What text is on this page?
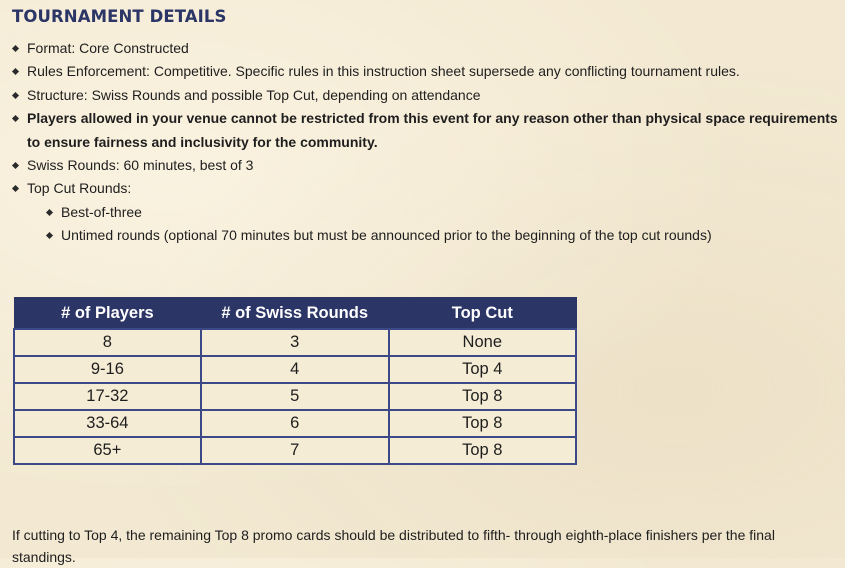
TOURNAMENT DETAILS
Format: Core Constructed
Rules Enforcement: Competitive. Specific rules in this instruction sheet supersede any conflicting tournament rules.
Structure: Swiss Rounds and possible Top Cut, depending on attendance
Players allowed in your venue cannot be restricted from this event for any reason other than physical space requirements to ensure fairness and inclusivity for the community.
Swiss Rounds: 60 minutes, best of 3
Top Cut Rounds:
Best-of-three
Untimed rounds (optional 70 minutes but must be announced prior to the beginning of the top cut rounds)
# of Players	# of Swiss Rounds	Top Cut
8	3	None
9-16	4	Top 4
17-32	5	Top 8
33-64	6	Top 8
65+	7	Top 8

If cutting to Top 4, the remaining Top 8 promo cards should be distributed to fifth- through eighth-place finishers per the final standings.
